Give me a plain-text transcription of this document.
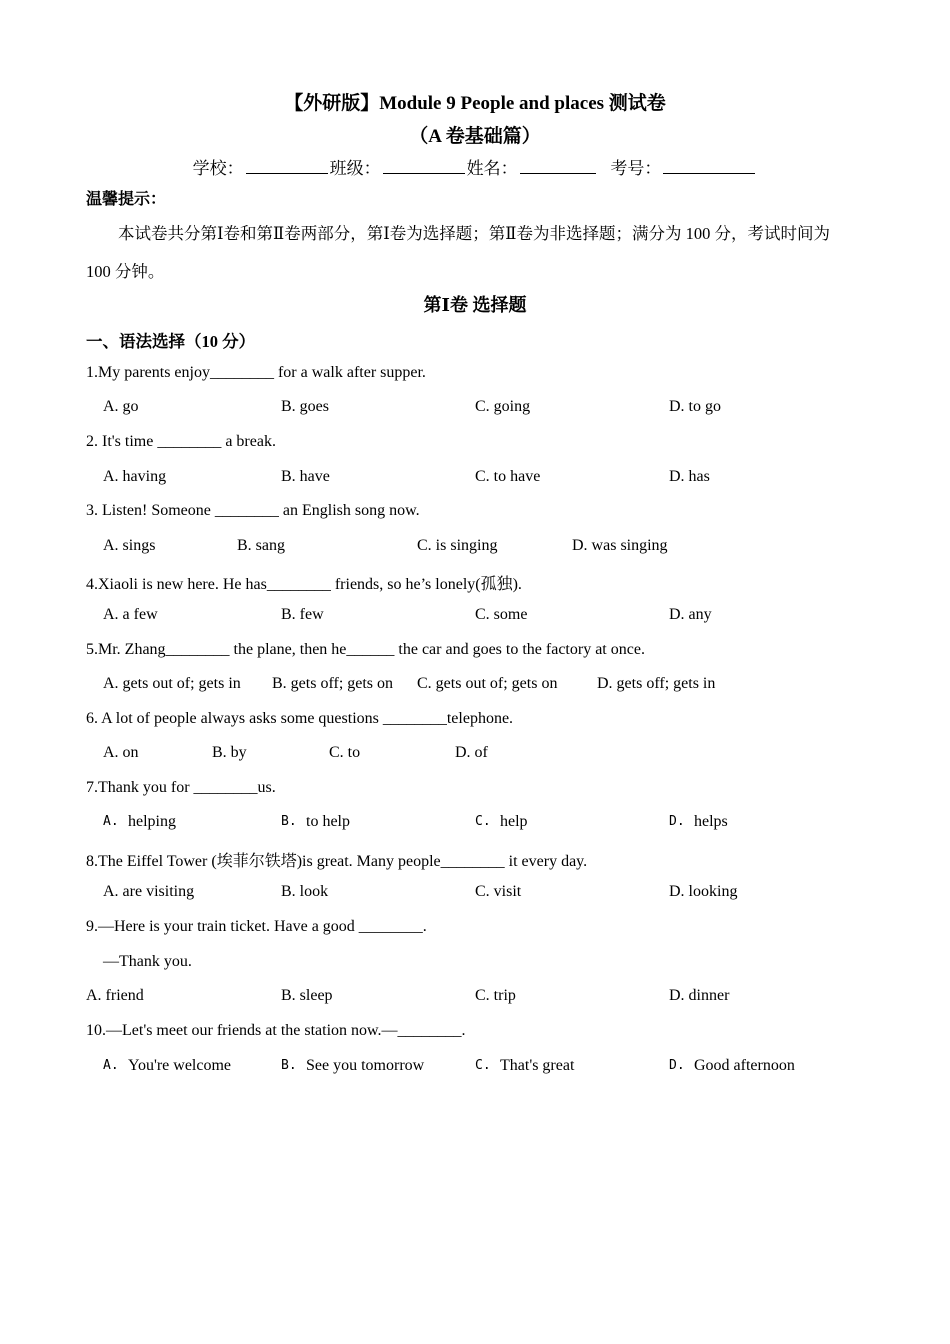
【外研版】Module 9 People and places 测试卷
（A 卷基础篇）
学校：	班级：	姓名：	考号：
温馨提示：
本试卷共分第Ⅰ卷和第Ⅱ卷两部分，第Ⅰ卷为选择题；第Ⅱ卷为非选择题；满分为 100 分，考试时间为
100 分钟。
第Ⅰ卷 选择题
一、语法选择（10 分）
1.My parents enjoy________ for a walk after supper.
A. go	B. goes	C. going	D. to go
2. It's time ________ a break.
A. having	B. have	C. to have	D. has
3. Listen! Someone ________ an English song now.
A. sings	B. sang	C. is singing	D. was singing
4.Xiaoli is new here. He has________ friends, so he’s lonely(孤独).
A. a few	B. few	C. some	D. any
5.Mr. Zhang________ the plane, then he______ the car and goes to the factory at once.
A. gets out of; gets in B. gets off; gets on C. gets out of; gets on D. gets off; gets in
6. A lot of people always asks some questions ________telephone.
A. on	B. by	C. to	D. of
7.Thank you for ________us.
A. helping	B. to help	C. help	D. helps
8.The Eiffel Tower (埃菲尔铁塔)is great. Many people________ it every day.
A. are visiting	B. look	C. visit	D. looking
9.—Here is your train ticket. Have a good ________.
—Thank you.
A. friend	B. sleep	C. trip	D. dinner
10.—Let's meet our friends at the station now.—________.
A. You're welcome	B. See you tomorrow	C. That's great	D. Good afternoon
